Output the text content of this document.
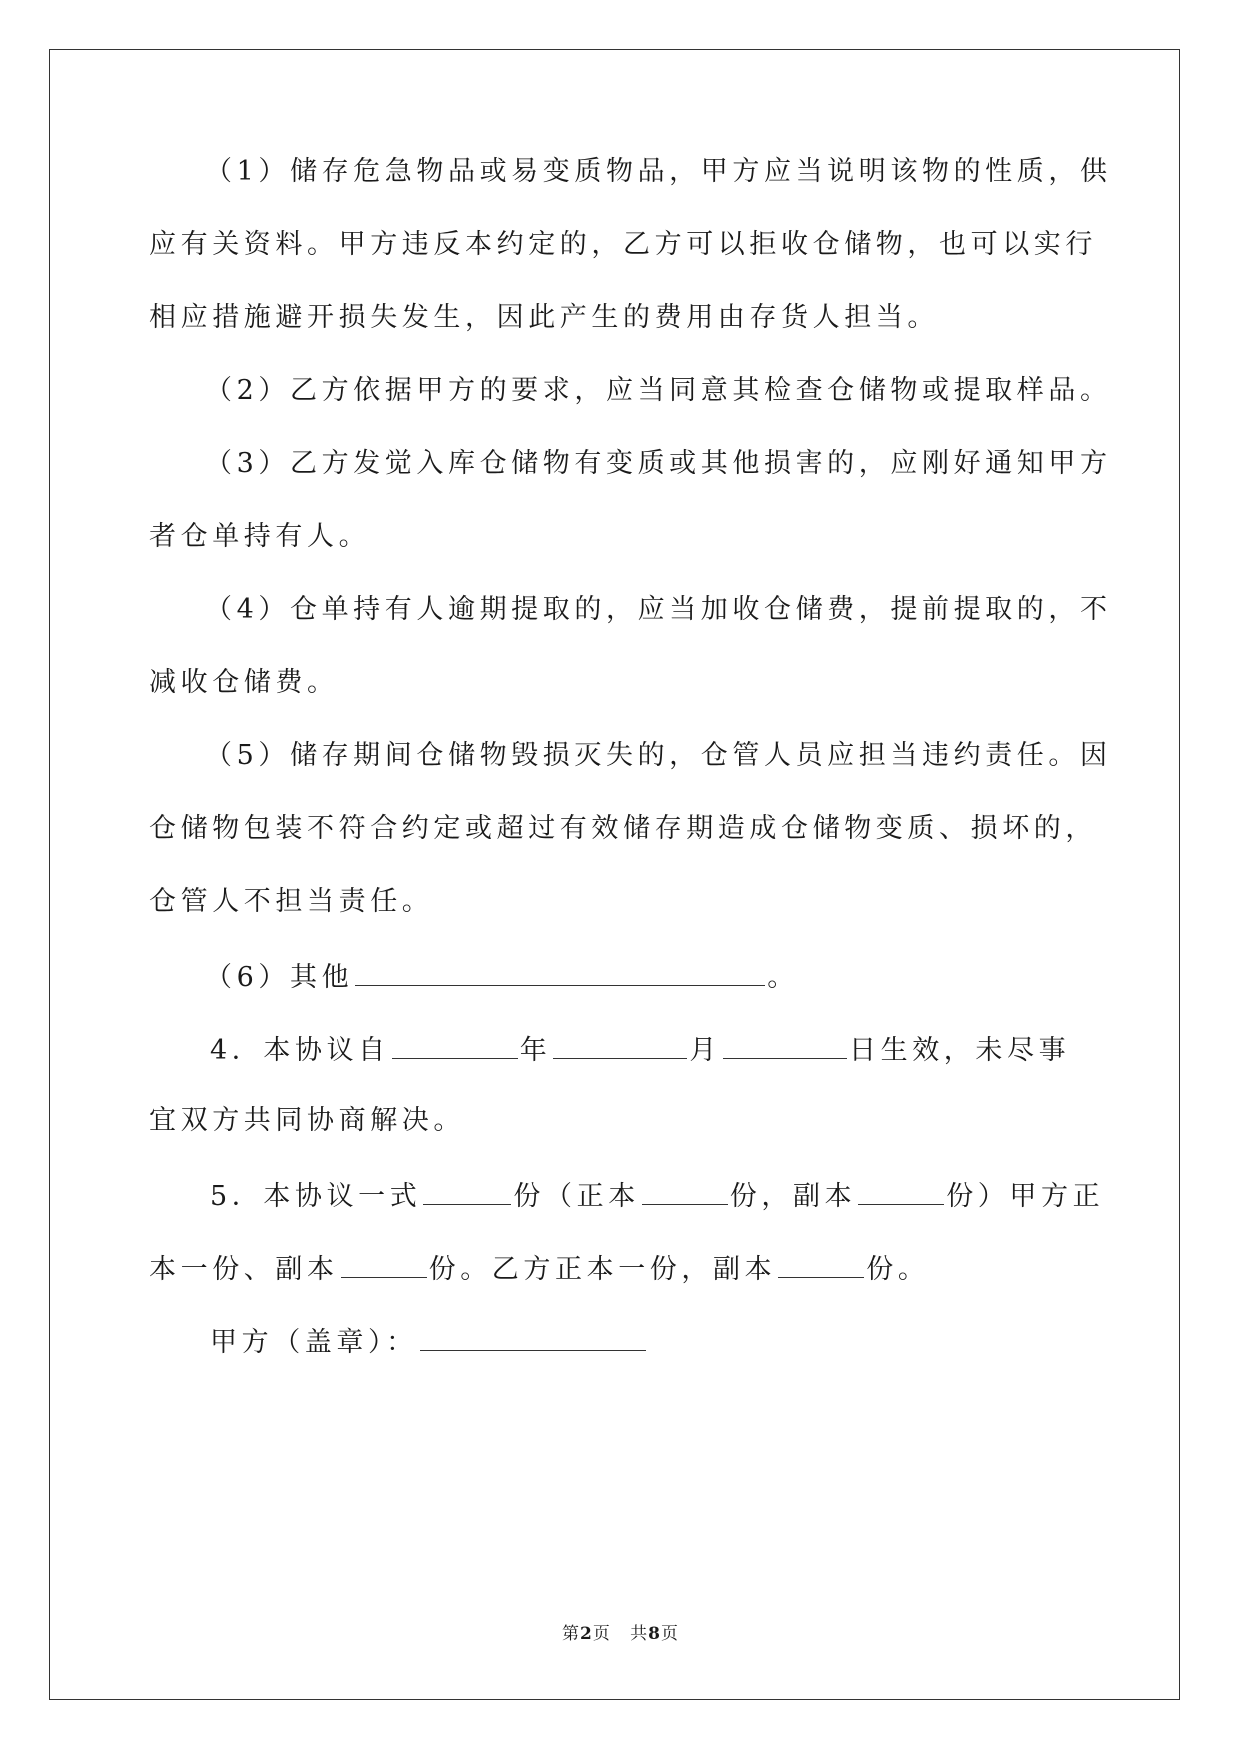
（1）储存危急物品或易变质物品，甲方应当说明该物的性质，供
应有关资料。甲方违反本约定的，乙方可以拒收仓储物，也可以实行
相应措施避开损失发生，因此产生的费用由存货人担当。
（2）乙方依据甲方的要求，应当同意其检查仓储物或提取样品。
（3）乙方发觉入库仓储物有变质或其他损害的，应刚好通知甲方
者仓单持有人。
（4）仓单持有人逾期提取的，应当加收仓储费，提前提取的，不
减收仓储费。
（5）储存期间仓储物毁损灭失的，仓管人员应担当违约责任。因
仓储物包装不符合约定或超过有效储存期造成仓储物变质、损坏的，
仓管人不担当责任。
（6）其他	。
4．本协议自	年	月	日生效，未尽事
宜双方共同协商解决。
5．本协议一式	份（正本	份，副本	份）甲方正
本一份、副本	份。乙方正本一份，副本	份。
甲方（盖章）：
第2页 共8页
